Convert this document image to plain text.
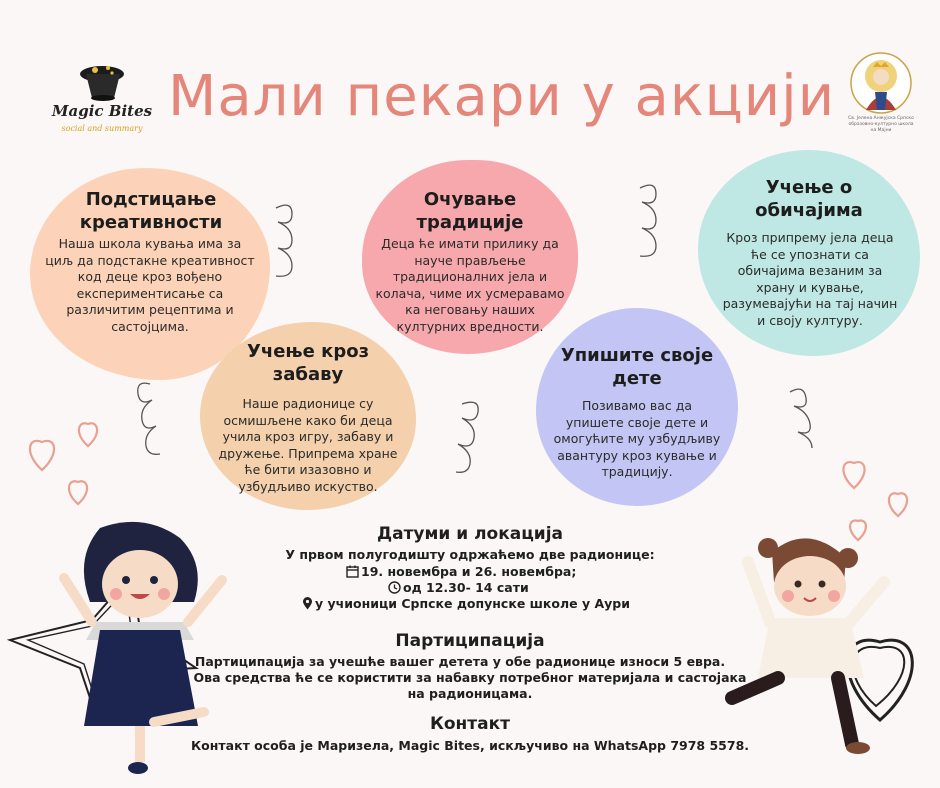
Magic Bites
social and summary Мали пекари у акцији	Св. Јелена Анжујска Српско образовно-културно школа на Мајни
Подстицање креативности
Наша школа кувања има за циљ да подстакне креативност код деце кроз вођено експериментисање са различитим рецептима и састојцима.
Очување традиције
Деца ће имати прилику да науче прављење традиционалних јела и колача, чиме их усмеравамо ка неговању наших културних вредности.
Учење о обичајима
Кроз припрему јела деца ће се упознати са обичајима везаним за храну и кување, разумевајући на тај начин и своју културу.
Учење кроз забаву
Наше радионице су осмишљене како би деца учила кроз игру, забаву и дружење. Припрема хране ће бити изазовно и узбудљиво искуство.
Упишите своје дете
Позивамо вас да упишете своје дете и омогућите му узбудљиву авантуру кроз кување и традицију.
Датуми и локација
У првом полугодишту одржаћемо две радионице:
19. новембра и 26. новембра;
од 12.30- 14 сати
у учионици Српске допунске школе у Аури
Партиципација
Партиципација за учешће вашег детета у обе радионице износи 5 евра.
Ова средства ће се користити за набавку потребног материјала и састојака
на радионицама.
Контакт
Контакт особа је Маризела, Magic Bites, искључиво на WhatsApp 7978 5578.
